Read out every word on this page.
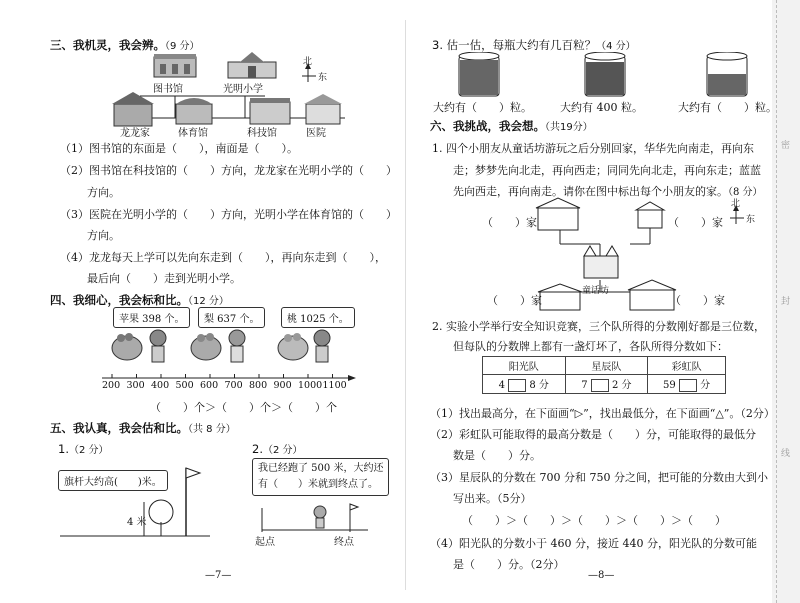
密
封
线
三、我机灵，我会辨。（9 分）
图书馆	光明小学
龙龙家	体育馆	科技馆	医院
北
东
（1）图书馆的东面是（　　），南面是（　　）。
（2）图书馆在科技馆的（　　）方向，龙龙家在光明小学的（　　）
方向。
（3）医院在光明小学的（　　）方向，光明小学在体育馆的（　　）
方向。
（4）龙龙每天上学可以先向东走到（　　），再向东走到（　　），
最后向（　　）走到光明小学。
四、我细心，我会标和比。（12 分）
苹果 398 个。	梨 637 个。	桃 1025 个。
200 300 400 500 600 700 800 900 1000 1100
（　　）个＞（　　）个＞（　　）个
五、我认真，我会估和比。（共 8 分）
1.（2 分）	2.（2 分）
旗杆大约高(　　)米。
4 米
我已经跑了 500 米，大约还
有（　　）米就到终点了。
起点	终点
—7—
3. 估一估，每瓶大约有几百粒？（4 分）
大约有（　　）粒。	大约有 400 粒。	大约有（　　）粒。
六、我挑战，我会想。（共19分）
1. 四个小朋友从童话坊游玩之后分别回家，华华先向南走，再向东
走；梦梦先向北走，再向西走；同同先向北走，再向东走；蓝蓝
先向西走，再向南走。请你在图中标出每个小朋友的家。（8 分）
（　　）家	（　　）家
童话坊
（　　）家	（　　）家
北
东
2. 实验小学举行安全知识竞赛，三个队所得的分数刚好都是三位数，
但每队的分数牌上都有一盏灯坏了，各队所得分数如下：
阳光队	星辰队	彩虹队
4 8 分	7 2 分	59 分
（1）找出最高分，在下面画“▷”，找出最低分，在下面画“△”。（2分）
（2）彩虹队可能取得的最高分数是（　　）分，可能取得的最低分
数是（　　）分。
（3）星辰队的分数在 700 分和 750 分之间，把可能的分数由大到小
写出来。（5分）
（　　）＞（　　）＞（　　）＞（　　）＞（　　）
（4）阳光队的分数小于 460 分，接近 440 分，阳光队的分数可能
是（　　）分。（2分）
—8—
